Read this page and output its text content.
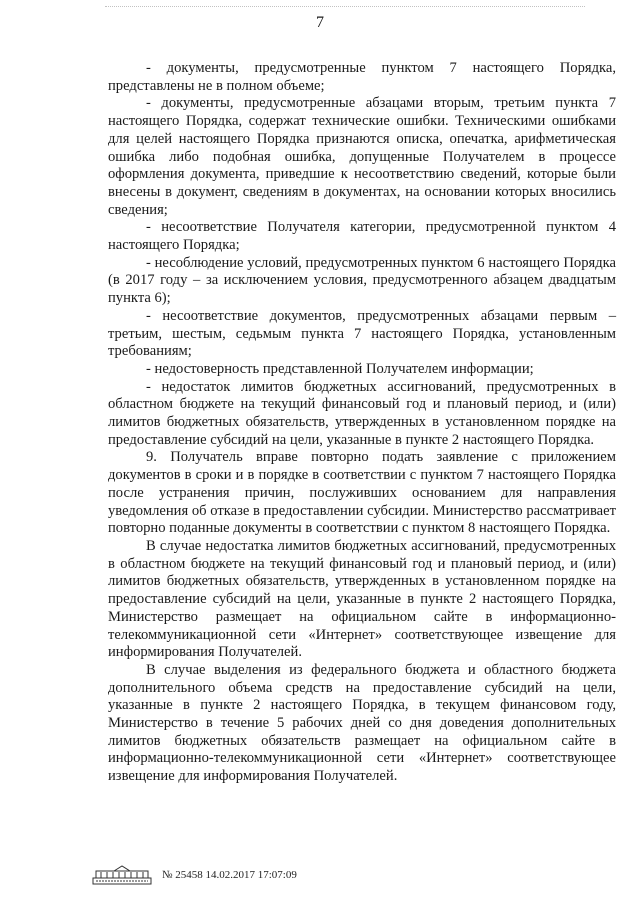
7

- документы, предусмотренные пунктом 7 настоящего Порядка, представлены не в полном объеме;

- документы, предусмотренные абзацами вторым, третьим пункта 7 настоящего Порядка, содержат технические ошибки. Техническими ошибками для целей настоящего Порядка признаются описка, опечатка, арифметическая ошибка либо подобная ошибка, допущенные Получателем в процессе оформления документа, приведшие к несоответствию сведений, которые были внесены в документ, сведениям в документах, на основании которых вносились сведения;

- несоответствие Получателя категории, предусмотренной пунктом 4 настоящего Порядка;

- несоблюдение условий, предусмотренных пунктом 6 настоящего Порядка (в 2017 году – за исключением условия, предусмотренного абзацем двадцатым пункта 6);

- несоответствие документов, предусмотренных абзацами первым – третьим, шестым, седьмым пункта 7 настоящего Порядка, установленным требованиям;

- недостоверность представленной Получателем информации;

- недостаток лимитов бюджетных ассигнований, предусмотренных в областном бюджете на текущий финансовый год и плановый период, и (или) лимитов бюджетных обязательств, утвержденных в установленном порядке на предоставление субсидий на цели, указанные в пункте 2 настоящего Порядка.

9. Получатель вправе повторно подать заявление с приложением документов в сроки и в порядке в соответствии с пунктом 7 настоящего Порядка после устранения причин, послуживших основанием для направления уведомления об отказе в предоставлении субсидии. Министерство рассматривает повторно поданные документы в соответствии с пунктом 8 настоящего Порядка.

В случае недостатка лимитов бюджетных ассигнований, предусмотренных в областном бюджете на текущий финансовый год и плановый период, и (или) лимитов бюджетных обязательств, утвержденных в установленном порядке на предоставление субсидий на цели, указанные в пункте 2 настоящего Порядка, Министерство размещает на официальном сайте в информационно-телекоммуникационной сети «Интернет» соответствующее извещение для информирования Получателей.

В случае выделения из федерального бюджета и областного бюджета дополнительного объема средств на предоставление субсидий на цели, указанные в пункте 2 настоящего Порядка, в текущем финансовом году, Министерство в течение 5 рабочих дней со дня доведения дополнительных лимитов бюджетных обязательств размещает на официальном сайте в информационно-телекоммуникационной сети «Интернет» соответствующее извещение для информирования Получателей.

№ 25458 14.02.2017 17:07:09
